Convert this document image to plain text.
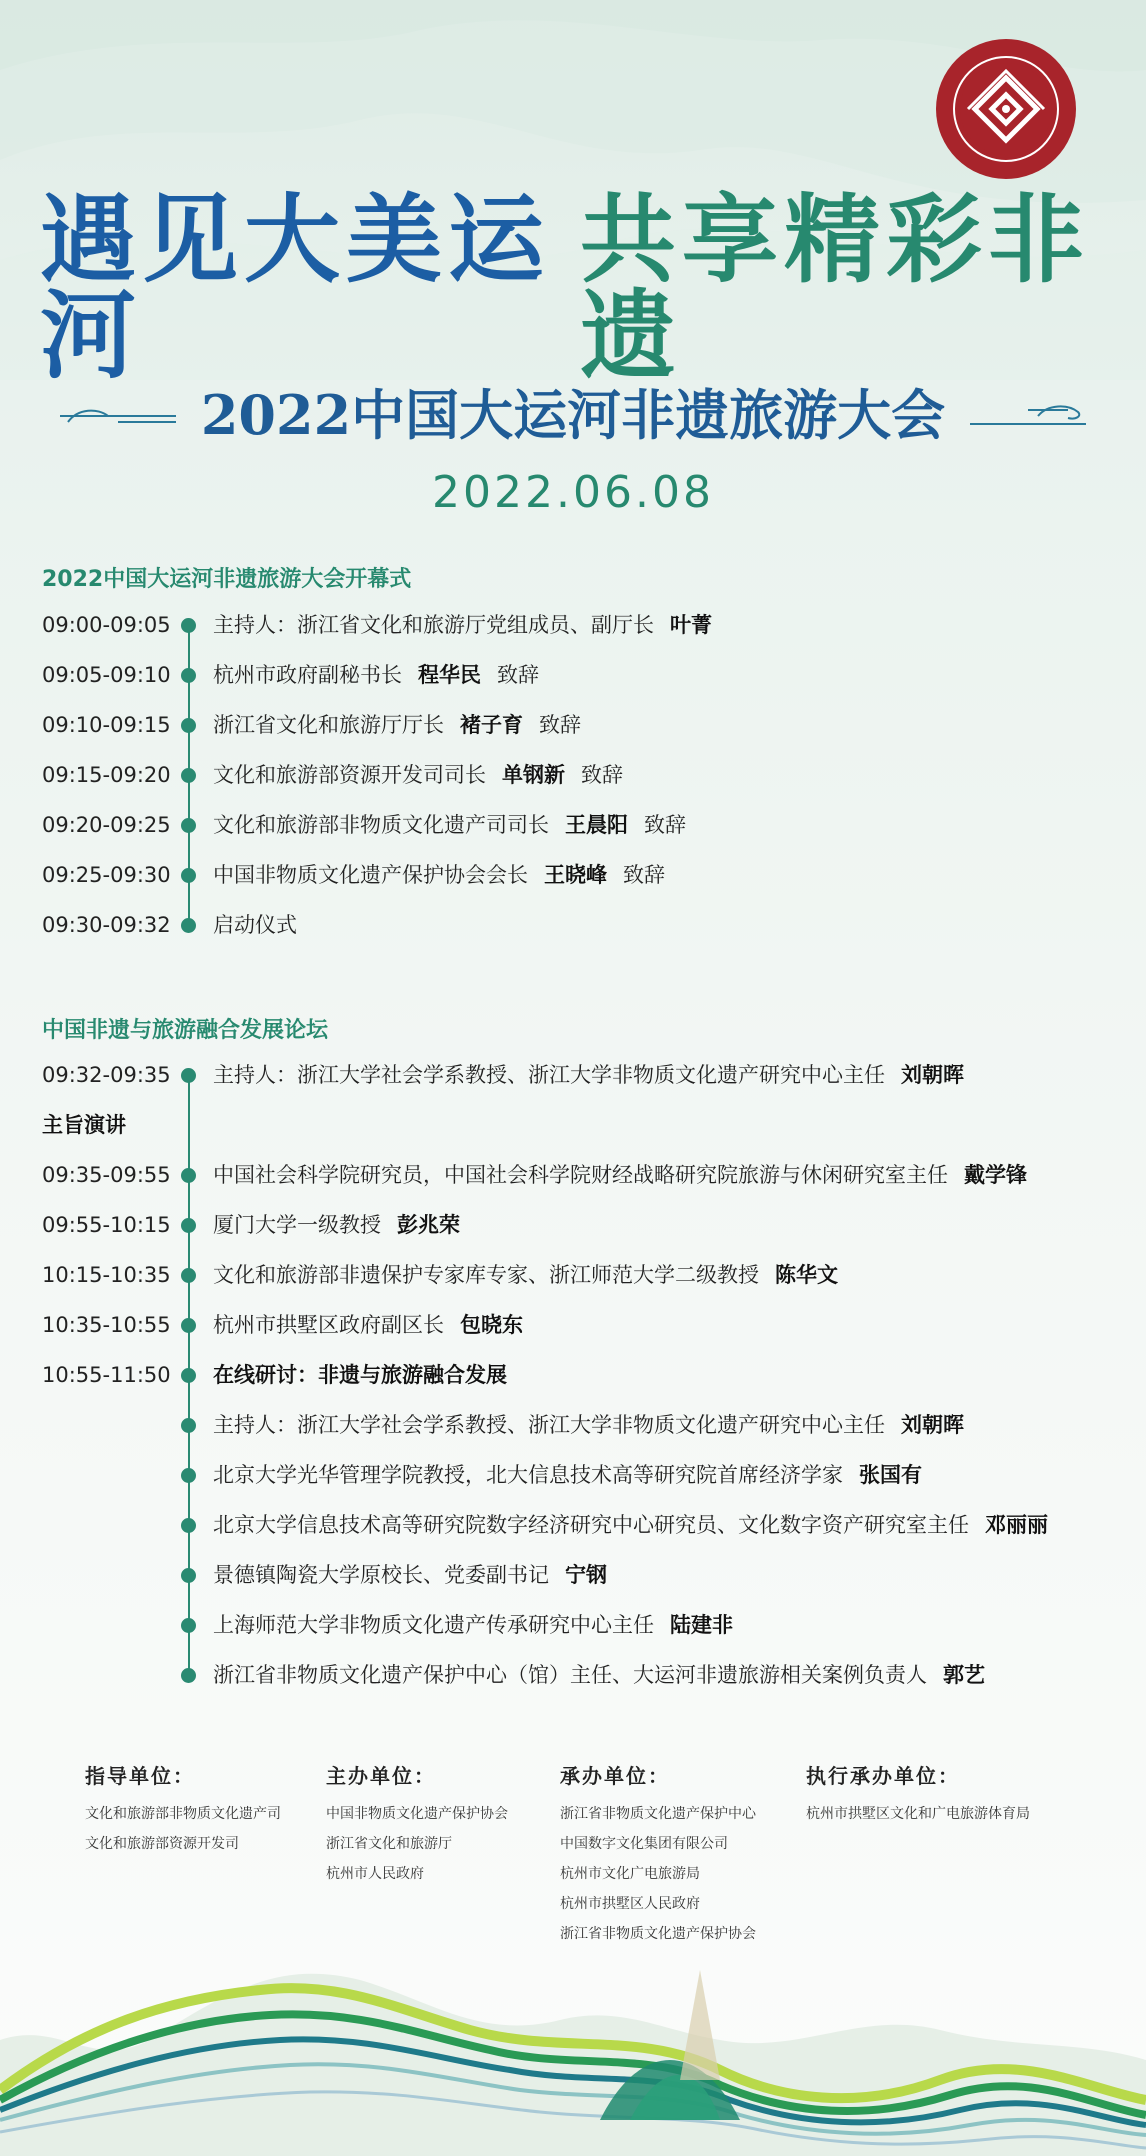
遇见大美运河
共享精彩非遗
2022中国大运河非遗旅游大会
2022.06.08
2022中国大运河非遗旅游大会开幕式
09:00-09:05 主持人：浙江省文化和旅游厅党组成员、副厅长 叶菁
09:05-09:10 杭州市政府副秘书长 程华民 致辞
09:10-09:15 浙江省文化和旅游厅厅长 褚子育 致辞
09:15-09:20 文化和旅游部资源开发司司长 单钢新 致辞
09:20-09:25 文化和旅游部非物质文化遗产司司长 王晨阳 致辞
09:25-09:30 中国非物质文化遗产保护协会会长 王晓峰 致辞
09:30-09:32 启动仪式
中国非遗与旅游融合发展论坛
09:32-09:35 主持人：浙江大学社会学系教授、浙江大学非物质文化遗产研究中心主任 刘朝晖
主旨演讲
09:35-09:55 中国社会科学院研究员，中国社会科学院财经战略研究院旅游与休闲研究室主任 戴学锋
09:55-10:15 厦门大学一级教授 彭兆荣
10:15-10:35 文化和旅游部非遗保护专家库专家、浙江师范大学二级教授 陈华文
10:35-10:55 杭州市拱墅区政府副区长 包晓东
10:55-11:50 在线研讨：非遗与旅游融合发展
主持人：浙江大学社会学系教授、浙江大学非物质文化遗产研究中心主任 刘朝晖
北京大学光华管理学院教授，北大信息技术高等研究院首席经济学家 张国有
北京大学信息技术高等研究院数字经济研究中心研究员、文化数字资产研究室主任 邓丽丽
景德镇陶瓷大学原校长、党委副书记 宁钢
上海师范大学非物质文化遗产传承研究中心主任 陆建非
浙江省非物质文化遗产保护中心（馆）主任、大运河非遗旅游相关案例负责人 郭艺
指导单位：
文化和旅游部非物质文化遗产司
文化和旅游部资源开发司
主办单位：
中国非物质文化遗产保护协会
浙江省文化和旅游厅
杭州市人民政府
承办单位：
浙江省非物质文化遗产保护中心
中国数字文化集团有限公司
杭州市文化广电旅游局
杭州市拱墅区人民政府
浙江省非物质文化遗产保护协会
执行承办单位：
杭州市拱墅区文化和广电旅游体育局
